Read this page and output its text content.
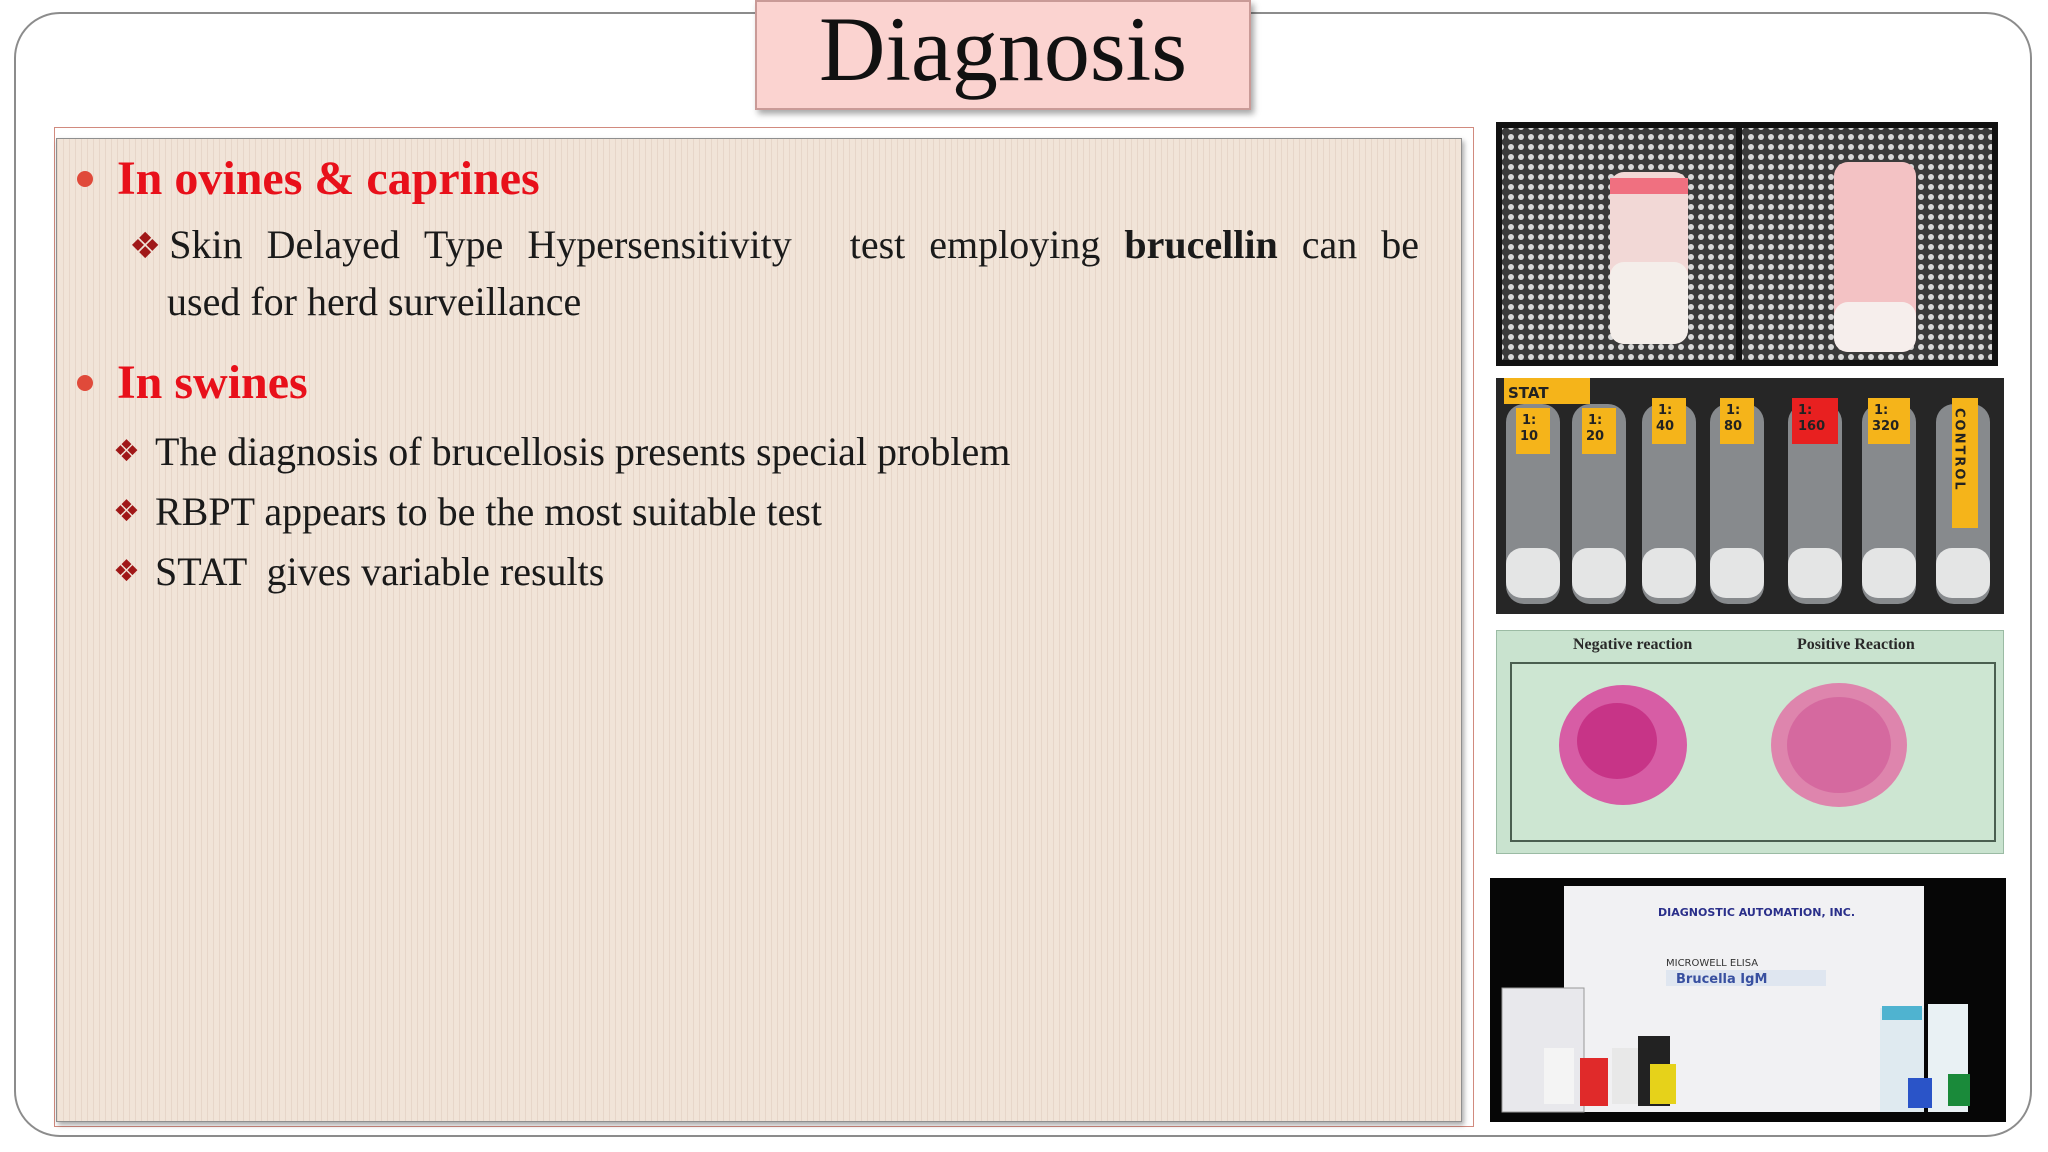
Diagnosis
In ovines & caprines
❖ Skin Delayed Type Hypersensitivity test employing brucellin can be
used for herd surveillance
In swines
❖ The diagnosis of brucellosis presents special problem
❖ RBPT appears to be the most suitable test
❖ STAT  gives variable results
STAT
1:
10
1:
20
1:
40
1:
80
1:
160
1:
320	CONTROL
Negative reaction	Positive Reaction
DIAGNOSTIC AUTOMATION, INC.
MICROWELL ELISA
Brucella IgM
